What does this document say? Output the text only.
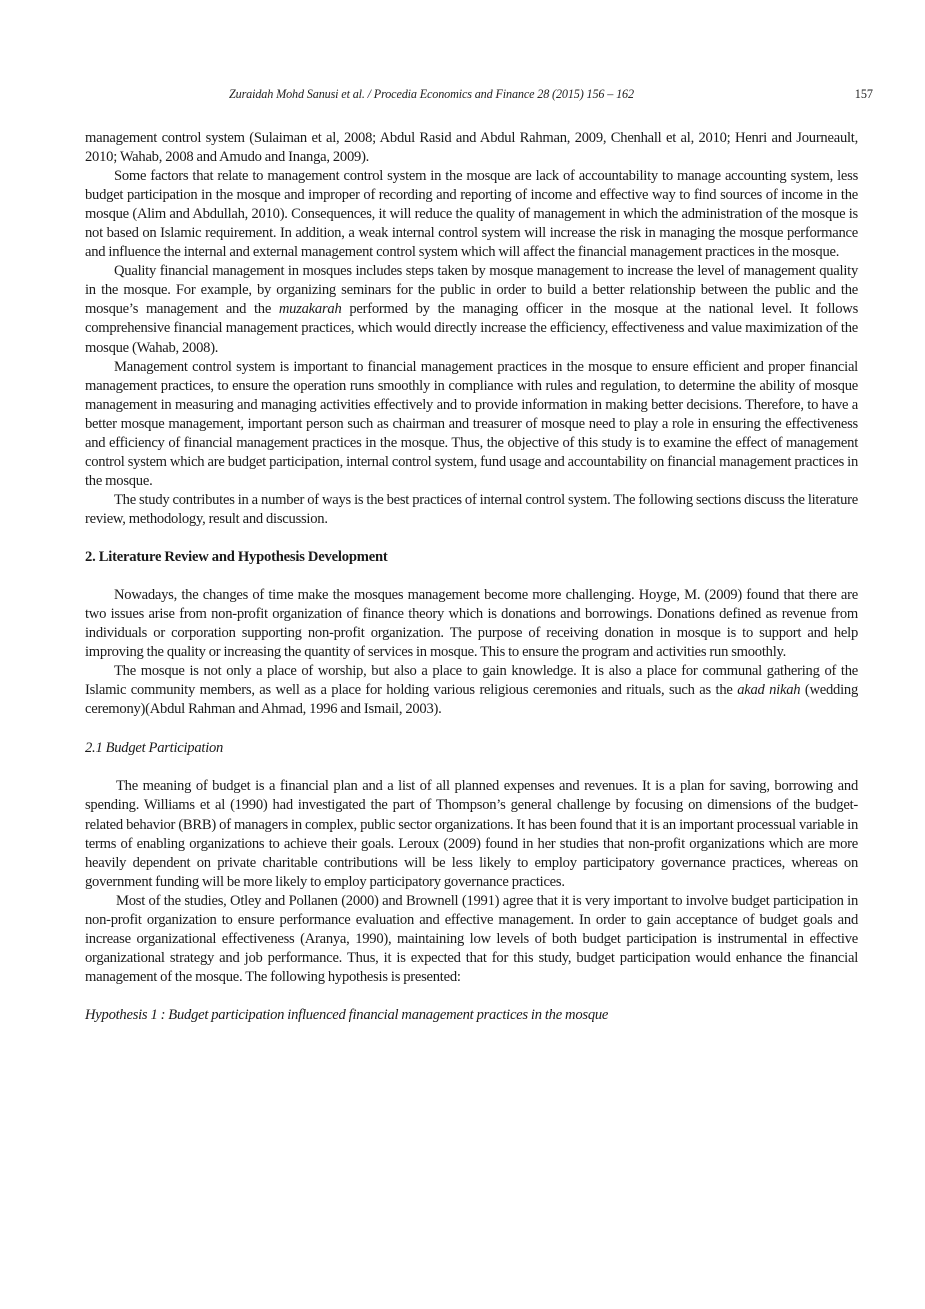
Zuraidah Mohd Sanusi et al. / Procedia Economics and Finance 28 (2015) 156 – 162	157

management control system (Sulaiman et al, 2008; Abdul Rasid and Abdul Rahman, 2009, Chenhall et al, 2010; Henri and Journeault, 2010; Wahab, 2008 and Amudo and Inanga, 2009).

Some factors that relate to management control system in the mosque are lack of accountability to manage accounting system, less budget participation in the mosque and improper of recording and reporting of income and effective way to find sources of income in the mosque (Alim and Abdullah, 2010). Consequences, it will reduce the quality of management in which the administration of the mosque is not based on Islamic requirement. In addition, a weak internal control system will increase the risk in managing the mosque performance and influence the internal and external management control system which will affect the financial management practices in the mosque.

Quality financial management in mosques includes steps taken by mosque management to increase the level of management quality in the mosque. For example, by organizing seminars for the public in order to build a better relationship between the public and the mosque’s management and the muzakarah performed by the managing officer in the mosque at the national level. It follows comprehensive financial management practices, which would directly increase the efficiency, effectiveness and value maximization of the mosque (Wahab, 2008).

Management control system is important to financial management practices in the mosque to ensure efficient and proper financial management practices, to ensure the operation runs smoothly in compliance with rules and regulation, to determine the ability of mosque management in measuring and managing activities effectively and to provide information in making better decisions. Therefore, to have a better mosque management, important person such as chairman and treasurer of mosque need to play a role in ensuring the effectiveness and efficiency of financial management practices in the mosque. Thus, the objective of this study is to examine the effect of management control system which are budget participation, internal control system, fund usage and accountability on financial management practices in the mosque.

The study contributes in a number of ways is the best practices of internal control system. The following sections discuss the literature review, methodology, result and discussion.

2. Literature Review and Hypothesis Development

Nowadays, the changes of time make the mosques management become more challenging. Hoyge, M. (2009) found that there are two issues arise from non-profit organization of finance theory which is donations and borrowings. Donations defined as revenue from individuals or corporation supporting non-profit organization. The purpose of receiving donation in mosque is to support and help improving the quality or increasing the quantity of services in mosque. This to ensure the program and activities run smoothly.

The mosque is not only a place of worship, but also a place to gain knowledge. It is also a place for communal gathering of the Islamic community members, as well as a place for holding various religious ceremonies and rituals, such as the akad nikah (wedding ceremony)(Abdul Rahman and Ahmad, 1996 and Ismail, 2003).

2.1 Budget Participation

The meaning of budget is a financial plan and a list of all planned expenses and revenues. It is a plan for saving, borrowing and spending. Williams et al (1990) had investigated the part of Thompson’s general challenge by focusing on dimensions of the budget-related behavior (BRB) of managers in complex, public sector organizations. It has been found that it is an important processual variable in terms of enabling organizations to achieve their goals. Leroux (2009) found in her studies that non-profit organizations which are more heavily dependent on private charitable contributions will be less likely to employ participatory governance practices, whereas on government funding will be more likely to employ participatory governance practices.

Most of the studies, Otley and Pollanen (2000) and Brownell (1991) agree that it is very important to involve budget participation in non-profit organization to ensure performance evaluation and effective management. In order to gain acceptance of budget goals and increase organizational effectiveness (Aranya, 1990), maintaining low levels of both budget participation is instrumental in effective organizational strategy and job performance. Thus, it is expected that for this study, budget participation would enhance the financial management of the mosque. The following hypothesis is presented:

Hypothesis 1 : Budget participation influenced financial management practices in the mosque
